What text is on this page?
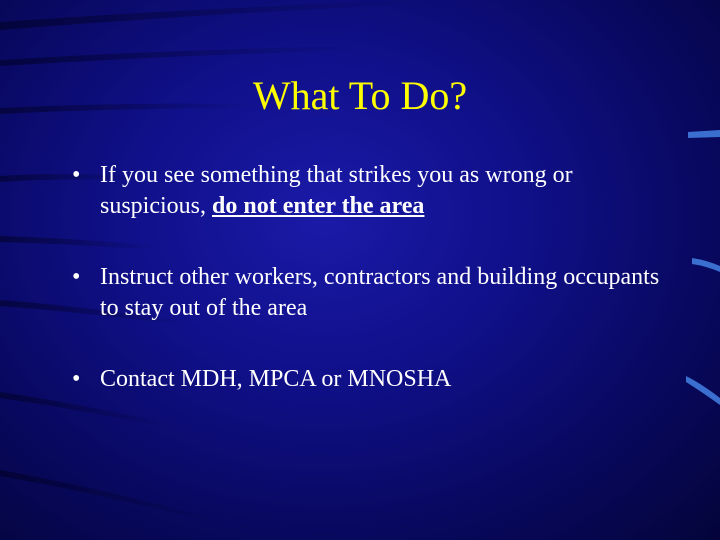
What To Do?
• If you see something that strikes you as wrong or suspicious, do not enter the area
• Instruct other workers, contractors and building occupants to stay out of the area
• Contact MDH, MPCA or MNOSHA
